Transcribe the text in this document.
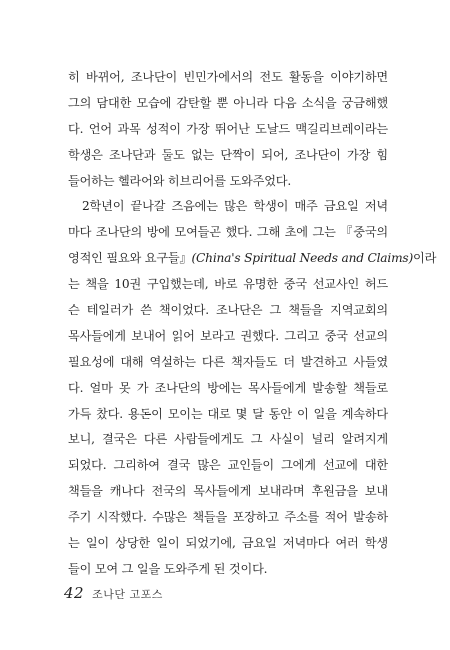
히 바뀌어, 조나단이 빈민가에서의 전도 활동을 이야기하면
그의 담대한 모습에 감탄할 뿐 아니라 다음 소식을 궁금해했
다. 언어 과목 성적이 가장 뛰어난 도날드 맥길리브레이라는
학생은 조나단과 둘도 없는 단짝이 되어, 조나단이 가장 힘
들어하는 헬라어와 히브리어를 도와주었다.
2학년이 끝나갈 즈음에는 많은 학생이 매주 금요일 저녁
마다 조나단의 방에 모여들곤 했다. 그해 초에 그는 『중국의
영적인 필요와 요구들』(China's Spiritual Needs and Claims)이라
는 책을 10권 구입했는데, 바로 유명한 중국 선교사인 허드
슨 테일러가 쓴 책이었다. 조나단은 그 책들을 지역교회의
목사들에게 보내어 읽어 보라고 권했다. 그리고 중국 선교의
필요성에 대해 역설하는 다른 책자들도 더 발견하고 사들였
다. 얼마 못 가 조나단의 방에는 목사들에게 발송할 책들로
가득 찼다. 용돈이 모이는 대로 몇 달 동안 이 일을 계속하다
보니, 결국은 다른 사람들에게도 그 사실이 널리 알려지게
되었다. 그리하여 결국 많은 교인들이 그에게 선교에 대한
책들을 캐나다 전국의 목사들에게 보내라며 후원금을 보내
주기 시작했다. 수많은 책들을 포장하고 주소를 적어 발송하
는 일이 상당한 일이 되었기에, 금요일 저녁마다 여러 학생
들이 모여 그 일을 도와주게 된 것이다.
42 조나단 고포스
